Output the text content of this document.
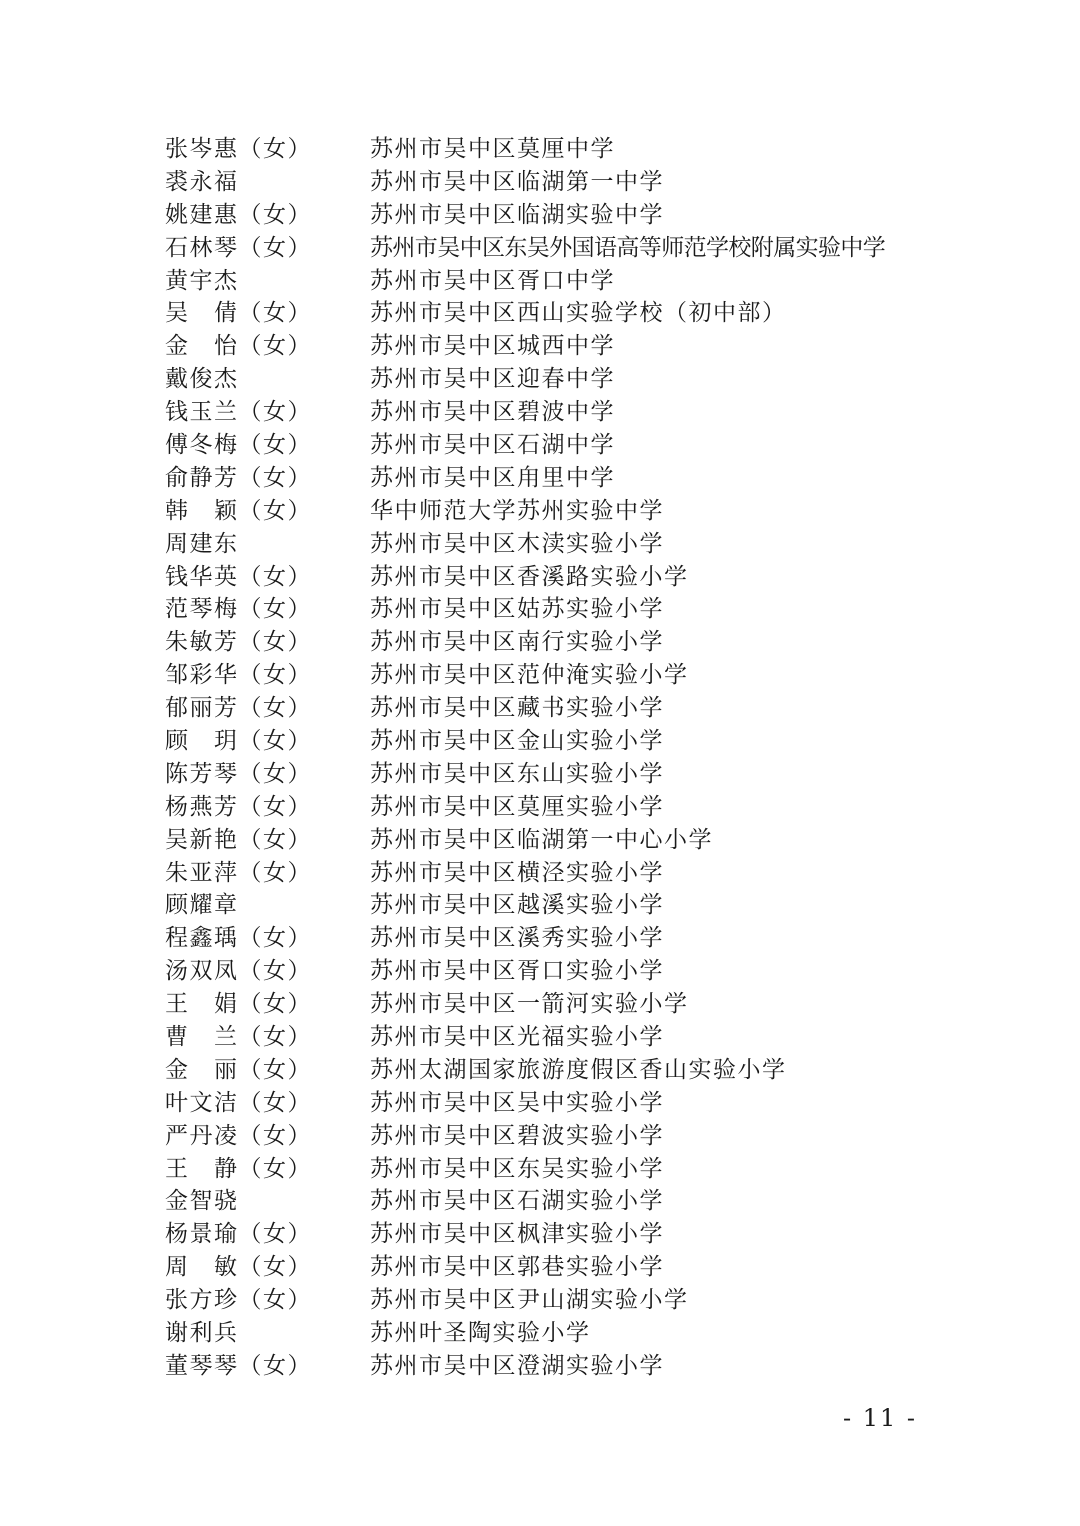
张岑惠（女）	苏州市吴中区莫厘中学
裘永福	苏州市吴中区临湖第一中学
姚建惠（女）	苏州市吴中区临湖实验中学
石林琴（女）	苏州市吴中区东吴外国语高等师范学校附属实验中学
黄宇杰	苏州市吴中区胥口中学
吴　倩（女）	苏州市吴中区西山实验学校（初中部）
金　怡（女）	苏州市吴中区城西中学
戴俊杰	苏州市吴中区迎春中学
钱玉兰（女）	苏州市吴中区碧波中学
傅冬梅（女）	苏州市吴中区石湖中学
俞静芳（女）	苏州市吴中区甪里中学
韩　颖（女）	华中师范大学苏州实验中学
周建东	苏州市吴中区木渎实验小学
钱华英（女）	苏州市吴中区香溪路实验小学
范琴梅（女）	苏州市吴中区姑苏实验小学
朱敏芳（女）	苏州市吴中区南行实验小学
邹彩华（女）	苏州市吴中区范仲淹实验小学
郁丽芳（女）	苏州市吴中区藏书实验小学
顾　玥（女）	苏州市吴中区金山实验小学
陈芳琴（女）	苏州市吴中区东山实验小学
杨燕芳（女）	苏州市吴中区莫厘实验小学
吴新艳（女）	苏州市吴中区临湖第一中心小学
朱亚萍（女）	苏州市吴中区横泾实验小学
顾耀章	苏州市吴中区越溪实验小学
程鑫瑀（女）	苏州市吴中区溪秀实验小学
汤双凤（女）	苏州市吴中区胥口实验小学
王　娟（女）	苏州市吴中区一箭河实验小学
曹　兰（女）	苏州市吴中区光福实验小学
金　丽（女）	苏州太湖国家旅游度假区香山实验小学
叶文洁（女）	苏州市吴中区吴中实验小学
严丹凌（女）	苏州市吴中区碧波实验小学
王　静（女）	苏州市吴中区东吴实验小学
金智骁	苏州市吴中区石湖实验小学
杨景瑜（女）	苏州市吴中区枫津实验小学
周　敏（女）	苏州市吴中区郭巷实验小学
张方珍（女）	苏州市吴中区尹山湖实验小学
谢利兵	苏州叶圣陶实验小学
董琴琴（女）	苏州市吴中区澄湖实验小学
- 11 -
